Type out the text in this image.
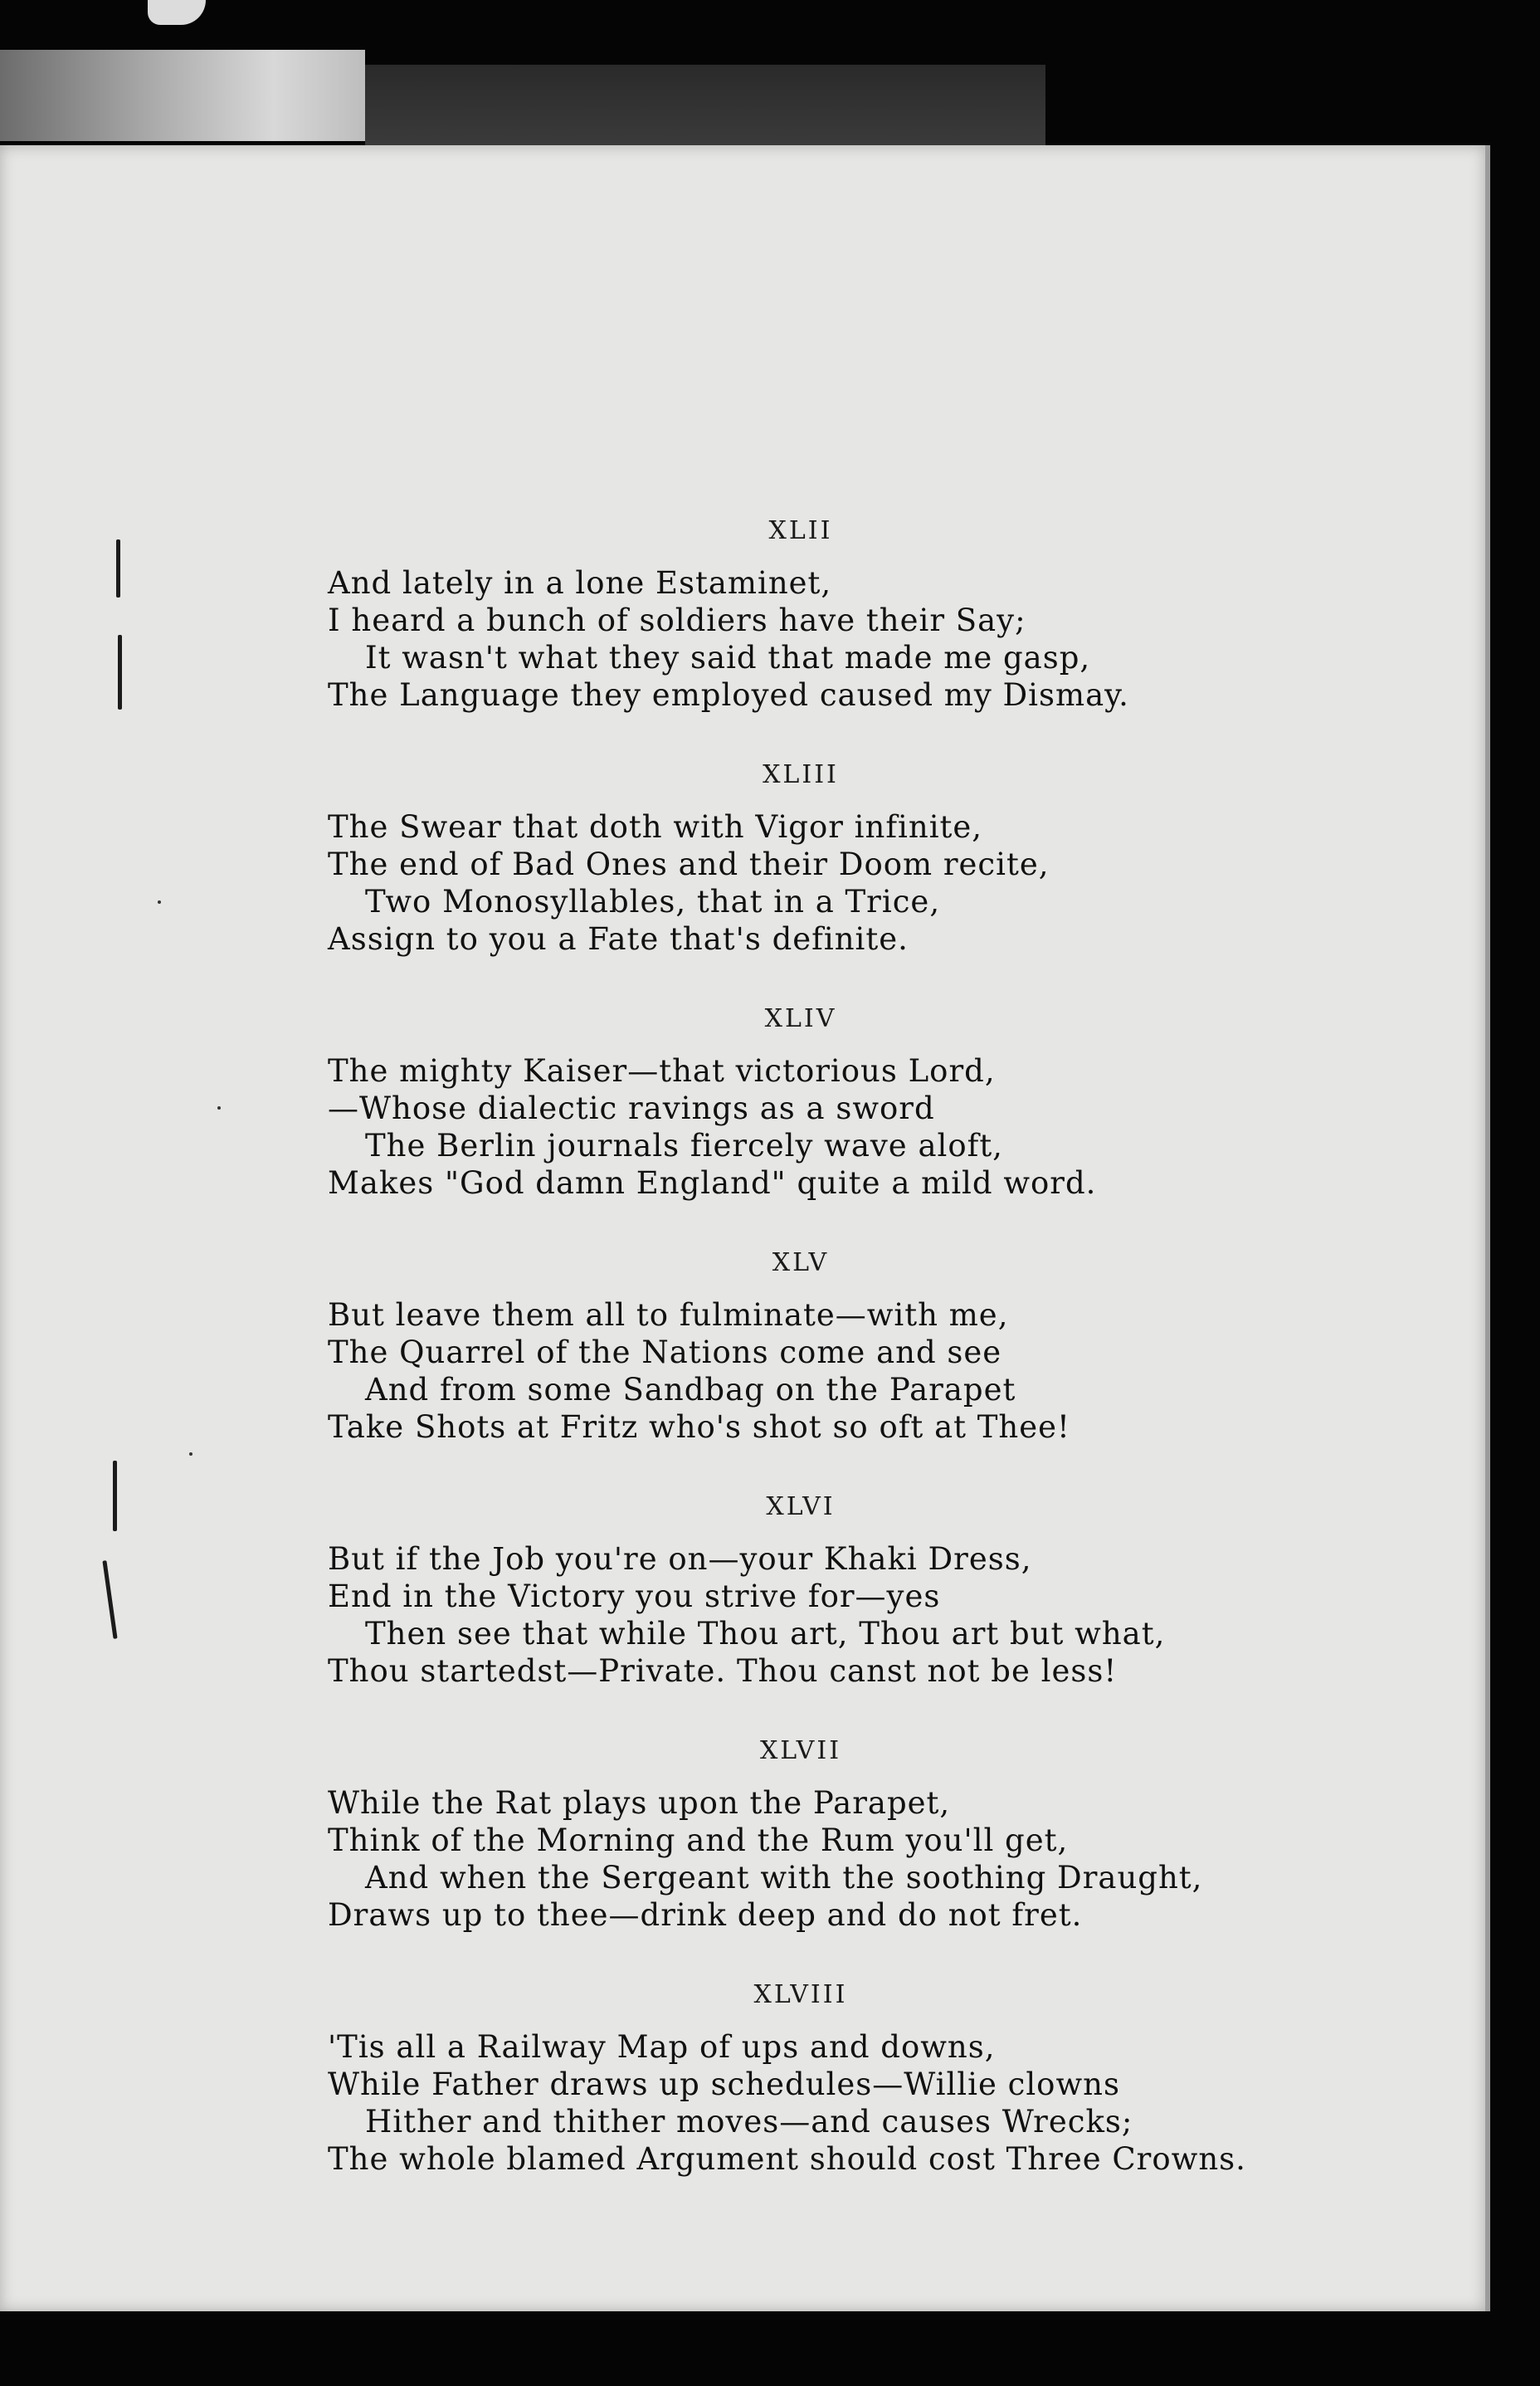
XLII
And lately in a lone Estaminet,
I heard a bunch of soldiers have their Say;
It wasn't what they said that made me gasp,
The Language they employed caused my Dismay.
XLIII
The Swear that doth with Vigor infinite,
The end of Bad Ones and their Doom recite,
Two Monosyllables, that in a Trice,
Assign to you a Fate that's definite.
XLIV
The mighty Kaiser—that victorious Lord,
—Whose dialectic ravings as a sword
The Berlin journals fiercely wave aloft,
Makes "God damn England" quite a mild word.
XLV
But leave them all to fulminate—with me,
The Quarrel of the Nations come and see
And from some Sandbag on the Parapet
Take Shots at Fritz who's shot so oft at Thee!
XLVI
But if the Job you're on—your Khaki Dress,
End in the Victory you strive for—yes
Then see that while Thou art, Thou art but what,
Thou startedst—Private. Thou canst not be less!
XLVII
While the Rat plays upon the Parapet,
Think of the Morning and the Rum you'll get,
And when the Sergeant with the soothing Draught,
Draws up to thee—drink deep and do not fret.
XLVIII
'Tis all a Railway Map of ups and downs,
While Father draws up schedules—Willie clowns
Hither and thither moves—and causes Wrecks;
The whole blamed Argument should cost Three Crowns.
